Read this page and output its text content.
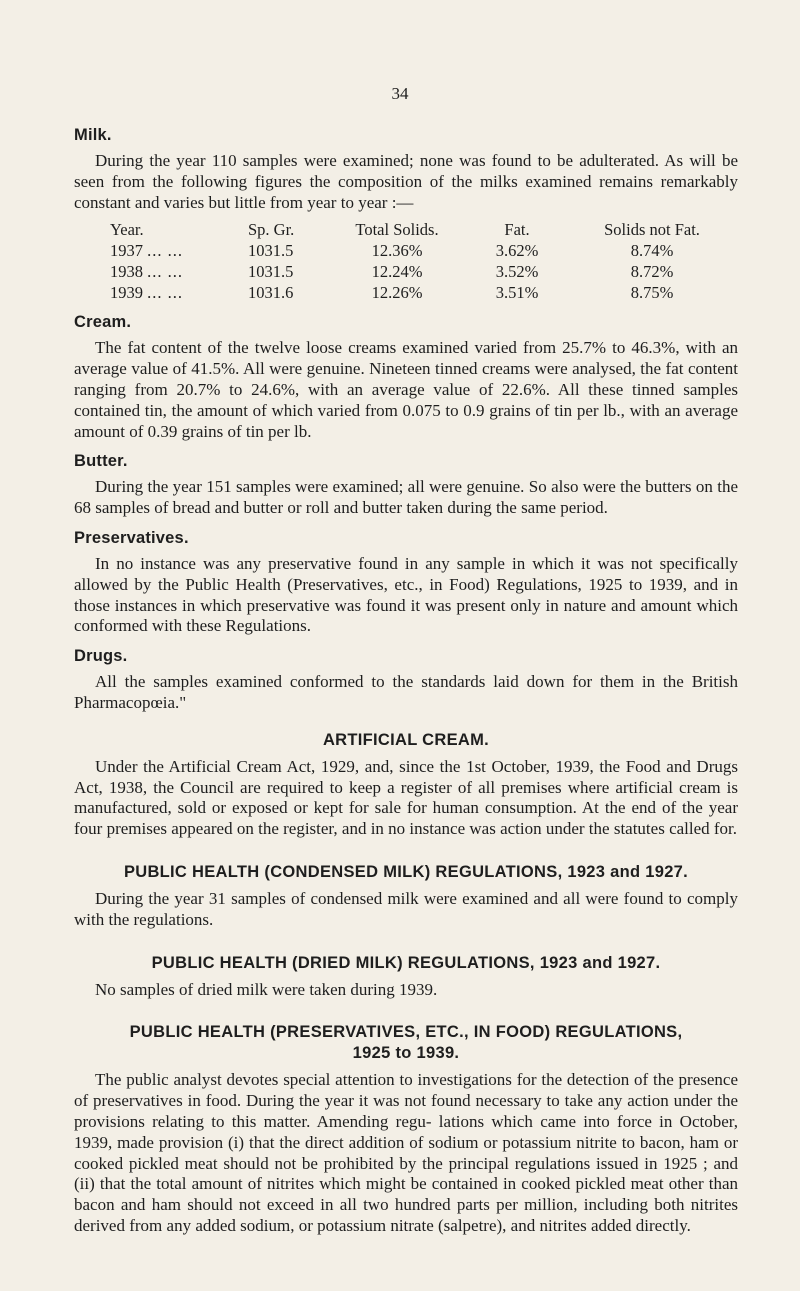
34
Milk.

During the year 110 samples were examined; none was found to be adulterated. As will be seen from the following figures the composition of the milks examined remains remarkably constant and varies but little from year to year :—

Year.	Sp. Gr.	Total Solids.	Fat.	Solids not Fat.
1937 ... ...	1031.5	12.36%	3.62%	8.74%
1938 ... ...	1031.5	12.24%	3.52%	8.72%
1939 ... ...	1031.6	12.26%	3.51%	8.75%
Cream.

The fat content of the twelve loose creams examined varied from 25.7% to 46.3%, with an average value of 41.5%. All were genuine. Nineteen tinned creams were analysed, the fat content ranging from 20.7% to 24.6%, with an average value of 22.6%. All these tinned samples contained tin, the amount of which varied from 0.075 to 0.9 grains of tin per lb., with an average amount of 0.39 grains of tin per lb.

Butter.

During the year 151 samples were examined; all were genuine. So also were the butters on the 68 samples of bread and butter or roll and butter taken during the same period.

Preservatives.

In no instance was any preservative found in any sample in which it was not specifically allowed by the Public Health (Preservatives, etc., in Food) Regulations, 1925 to 1939, and in those instances in which preservative was found it was present only in nature and amount which conformed with these Regulations.

Drugs.

All the samples examined conformed to the standards laid down for them in the British Pharmacopœia."

ARTIFICIAL CREAM.

Under the Artificial Cream Act, 1929, and, since the 1st October, 1939, the Food and Drugs Act, 1938, the Council are required to keep a register of all premises where artificial cream is manufactured, sold or exposed or kept for sale for human consumption. At the end of the year four premises appeared on the register, and in no instance was action under the statutes called for.

PUBLIC HEALTH (CONDENSED MILK) REGULATIONS, 1923 and 1927.

During the year 31 samples of condensed milk were examined and all were found to comply with the regulations.

PUBLIC HEALTH (DRIED MILK) REGULATIONS, 1923 and 1927.

No samples of dried milk were taken during 1939.

PUBLIC HEALTH (PRESERVATIVES, ETC., IN FOOD) REGULATIONS,
1925 to 1939.

The public analyst devotes special attention to investigations for the detection of the presence of preservatives in food. During the year it was not found necessary to take any action under the provisions relating to this matter. Amending regu- lations which came into force in October, 1939, made provision (i) that the direct addition of sodium or potassium nitrite to bacon, ham or cooked pickled meat should not be prohibited by the principal regulations issued in 1925 ; and (ii) that the total amount of nitrites which might be contained in cooked pickled meat other than bacon and ham should not exceed in all two hundred parts per million, including both nitrites derived from any added sodium, or potassium nitrate (salpetre), and nitrites added directly.
